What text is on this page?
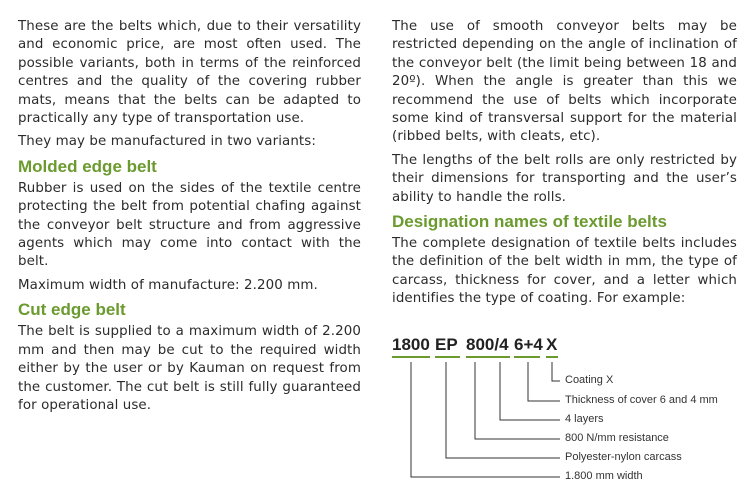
These are the belts which, due to their versatility and economic price, are most often used. The possible variants, both in terms of the reinforced centres and the quality of the covering rubber mats, means that the belts can be adapted to practically any type of transportation use.

They may be manufactured in two variants:

Molded edge belt

Rubber is used on the sides of the textile centre protecting the belt from potential chafing against the conveyor belt structure and from aggressive agents which may come into contact with the belt.

Maximum width of manufacture: 2.200 mm.

Cut edge belt

The belt is supplied to a maximum width of 2.200 mm and then may be cut to the required width either by the user or by Kauman on request from the customer. The cut belt is still fully guaranteed for operational use.

The use of smooth conveyor belts may be restricted depending on the angle of inclination of the conveyor belt (the limit being between 18 and 20º). When the angle is greater than this we recommend the use of belts which incorporate some kind of transversal support for the material (ribbed belts, with cleats, etc).

The lengths of the belt rolls are only restricted by their dimensions for transporting and the user’s ability to handle the rolls.

Designation names of textile belts

The complete designation of textile belts includes the definition of the belt width in mm, the type of carcass, thickness for cover, and a letter which identifies the type of coating. For example:

1800

EP

800/4

6+4

X

Coating X
Thickness of cover 6 and 4 mm
4 layers
800 N/mm resistance
Polyester-nylon carcass
1.800 mm width
